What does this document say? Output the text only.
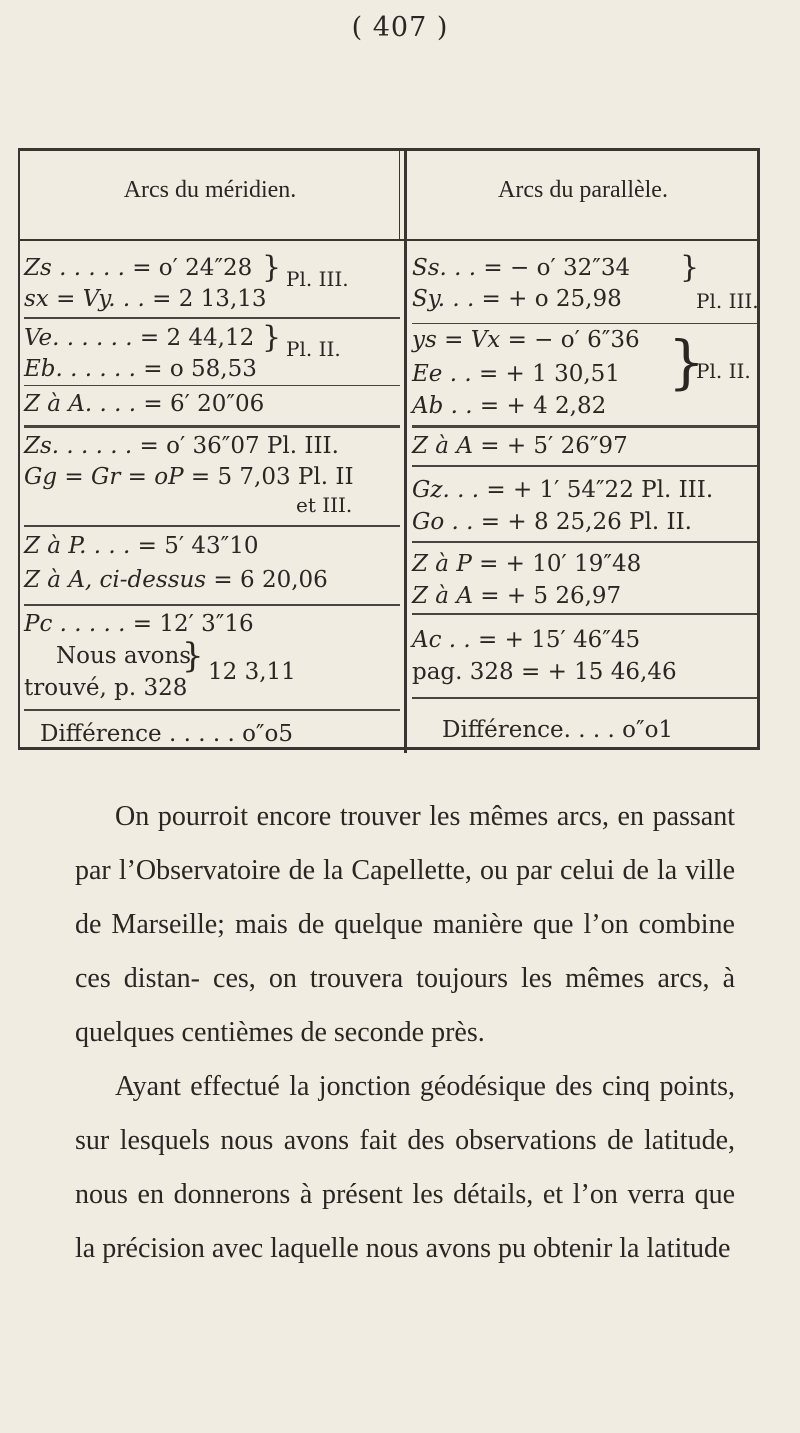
( 407 )
Arcs du méridien.	Arcs du parallèle.
Zs . . . . . = o′ 24″28
sx = Vy. . . = 2 13,13
} Pl. III.
Ve. . . . . . = 2 44,12
Eb. . . . . . = o 58,53
} Pl. II.
Z à A. . . . = 6′ 20″06
Zs. . . . . . = o′ 36″07 Pl. III.
Gg = Gr = oP = 5 7,03 Pl. II
et III.
Z à P. . . . = 5′ 43″10
Z à A, ci-dessus = 6 20,06
Pc . . . . . = 12′ 3″16
Nous avons
trouvé, p. 328
} 12 3,11
Différence . . . . . o″o5
Ss. . . = − o′ 32″34
Sy. . . = + o 25,98
}
Pl. III.
ys = Vx = − o′ 6″36
Ee . . = + 1 30,51
Ab . . = + 4 2,82
}
Pl. II.
Z à A = + 5′ 26″97
Gz. . . = + 1′ 54″22 Pl. III.
Go . . = + 8 25,26 Pl. II.
Z à P = + 10′ 19″48
Z à A = + 5 26,97
Ac . . = + 15′ 46″45
pag. 328 = + 15 46,46
Différence. . . . o″o1

On pourroit encore trouver les mêmes arcs, en passant par l’Observatoire de la Capellette, ou par celui de la ville de Marseille; mais de quelque manière que l’on combine ces distan- ces, on trouvera toujours les mêmes arcs, à quelques centièmes de seconde près.

Ayant effectué la jonction géodésique des cinq points, sur lesquels nous avons fait des observations de latitude, nous en donnerons à présent les détails, et l’on verra que la précision avec laquelle nous avons pu obtenir la latitude
